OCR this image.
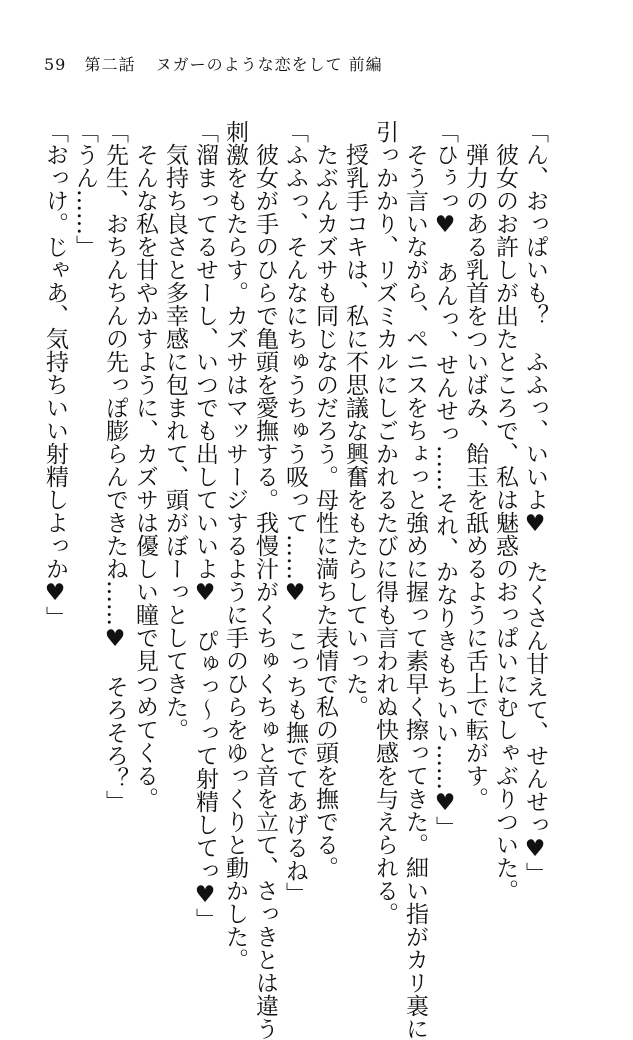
59 第二話 ヌガーのような恋をして 前編
「ん、おっぱいも？　ふふっ、いいよ♥　たくさん甘えて、せんせっ♥」
彼女のお許しが出たところで、私は魅惑のおっぱいにむしゃぶりついた。
弾力のある乳首をついばみ、飴玉を舐めるように舌上で転がす。
「ひぅっ♥　あんっ、せんせっ……それ、かなりきもちいい……♥」
そう言いながら、ペニスをちょっと強めに握って素早く擦ってきた。細い指がカリ裏に
引っかかり、リズミカルにしごかれるたびに得も言われぬ快感を与えられる。
授乳手コキは、私に不思議な興奮をもたらしていった。
たぶんカズサも同じなのだろう。母性に満ちた表情で私の頭を撫でる。
「ふふっ、そんなにちゅうちゅう吸って……♥　こっちも撫でてあげるね」
彼女が手のひらで亀頭を愛撫する。我慢汁がくちゅくちゅと音を立て、さっきとは違う
刺激をもたらす。カズサはマッサージするように手のひらをゆっくりと動かした。
「溜まってるせーし、いつでも出していいよ♥　ぴゅっ～って射精してっ♥」
気持ち良さと多幸感に包まれて、頭がぼーっとしてきた。
そんな私を甘やかすように、カズサは優しい瞳で見つめてくる。
「先生、おちんちんの先っぽ膨らんできたね……♥　そろそろ？」
「うん……」
「おっけ。じゃあ、気持ちいい射精しよっか♥」
